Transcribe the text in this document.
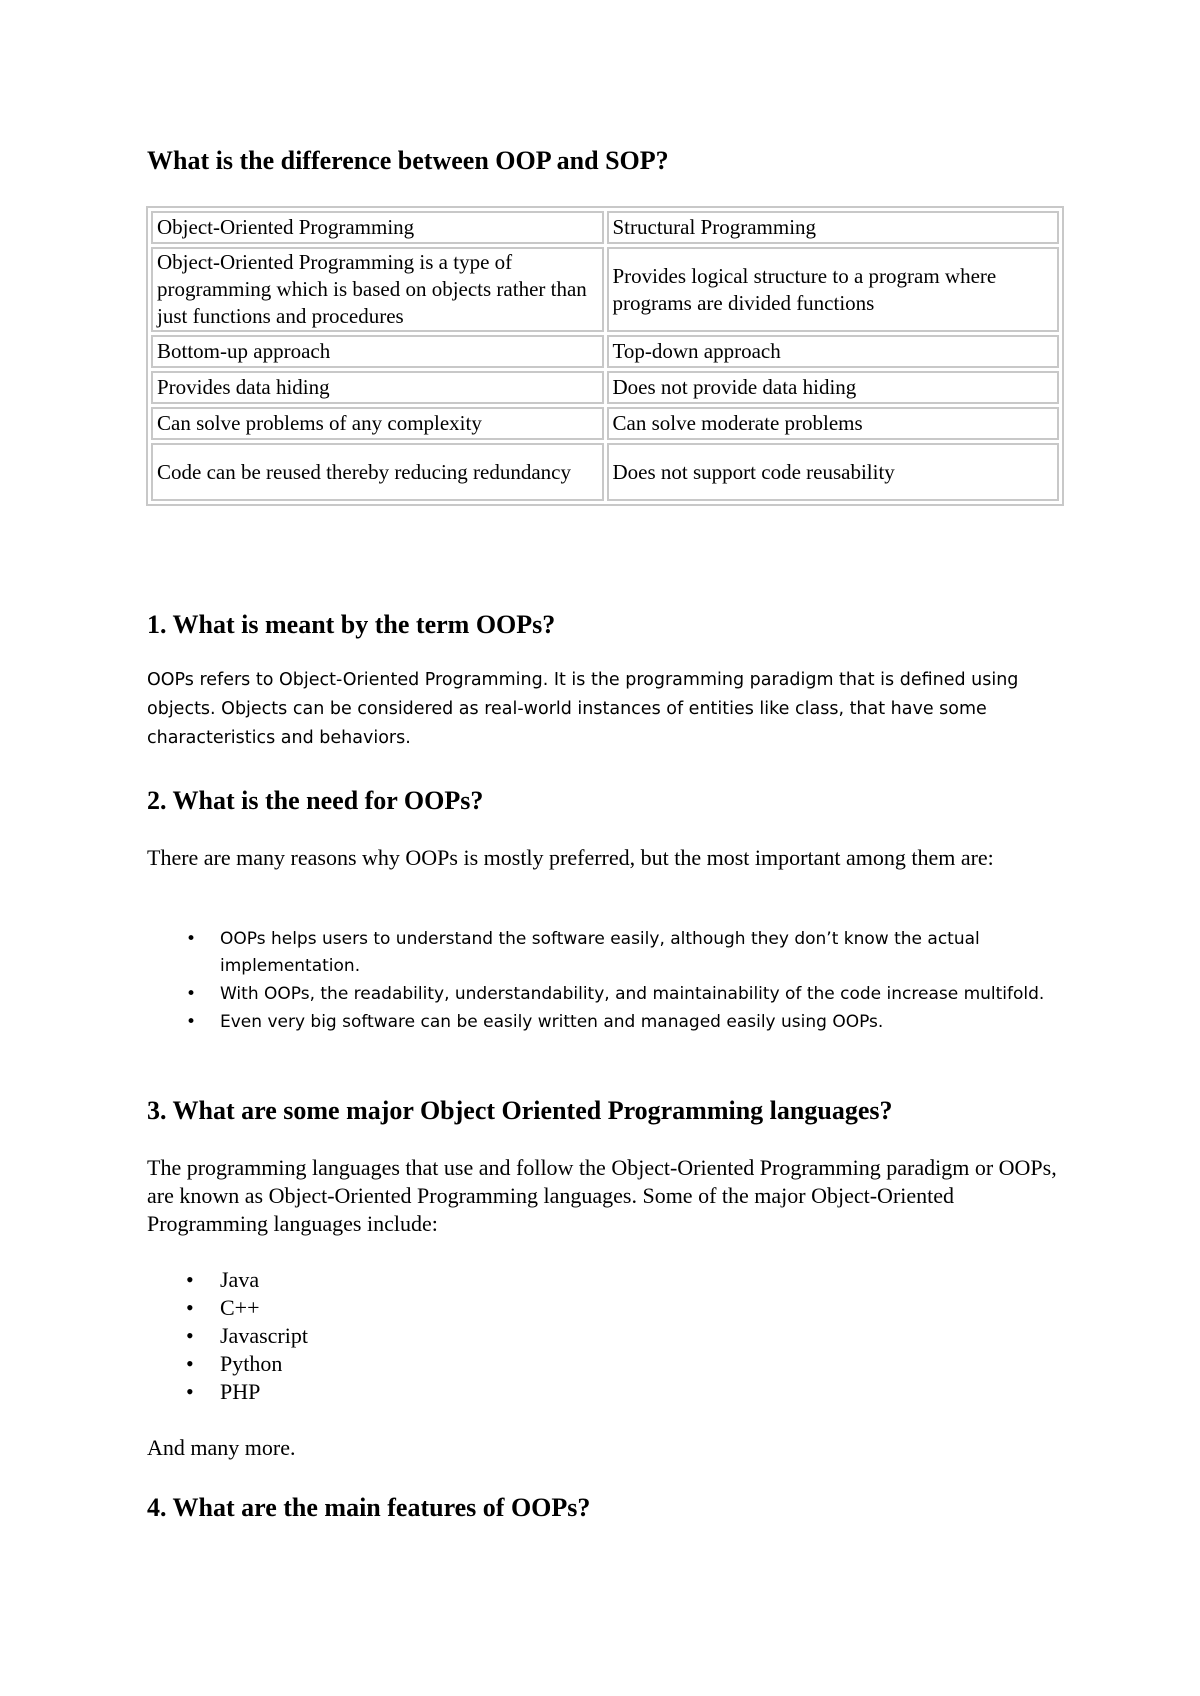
What is the difference between OOP and SOP?
Object-Oriented Programming	Structural Programming
Object-Oriented Programming is a type of programming which is based on objects rather than just functions and procedures	Provides logical structure to a program where programs are divided functions
Bottom-up approach	Top-down approach
Provides data hiding	Does not provide data hiding
Can solve problems of any complexity	Can solve moderate problems
Code can be reused thereby reducing redundancy	Does not support code reusability
1. What is meant by the term OOPs?

OOPs refers to Object-Oriented Programming. It is the programming paradigm that is defined using objects. Objects can be considered as real-world instances of entities like class, that have some characteristics and behaviors.

2. What is the need for OOPs?

There are many reasons why OOPs is mostly preferred, but the most important among them are:

• OOPs helps users to understand the software easily, although they don’t know the actual implementation.
• With OOPs, the readability, understandability, and maintainability of the code increase multifold.
• Even very big software can be easily written and managed easily using OOPs.
3. What are some major Object Oriented Programming languages?

The programming languages that use and follow the Object-Oriented Programming paradigm or OOPs, are known as Object-Oriented Programming languages. Some of the major Object-Oriented Programming languages include:

• Java
• C++
• Javascript
• Python
• PHP

And many more.

4. What are the main features of OOPs?
